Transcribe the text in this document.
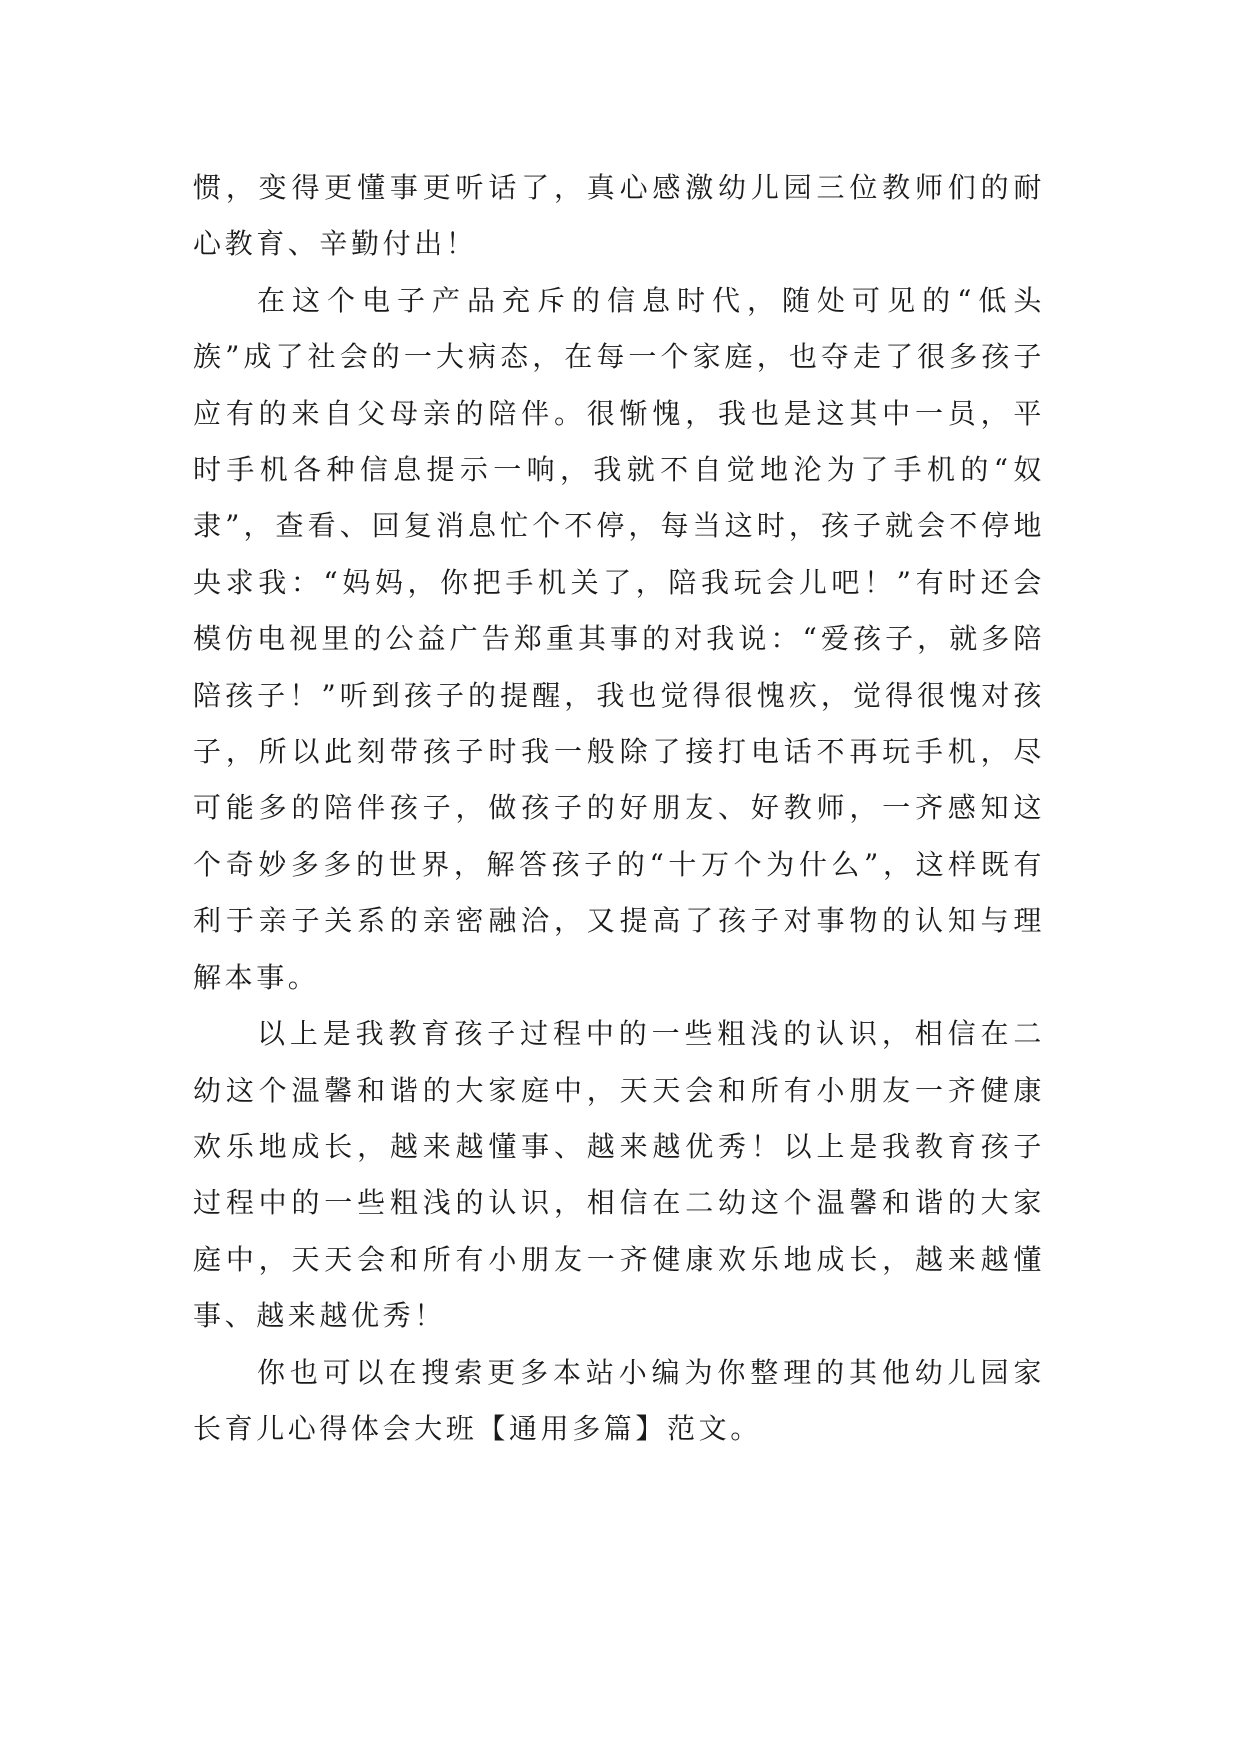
惯，变得更懂事更听话了，真心感激幼儿园三位教师们的耐心教育、辛勤付出！

在这个电子产品充斥的信息时代，随处可见的“低头族”成了社会的一大病态，在每一个家庭，也夺走了很多孩子应有的来自父母亲的陪伴。很惭愧，我也是这其中一员，平时手机各种信息提示一响，我就不自觉地沦为了手机的“奴隶”，查看、回复消息忙个不停，每当这时，孩子就会不停地央求我：“妈妈，你把手机关了，陪我玩会儿吧！”有时还会模仿电视里的公益广告郑重其事的对我说：“爱孩子，就多陪陪孩子！”听到孩子的提醒，我也觉得很愧疚，觉得很愧对孩子，所以此刻带孩子时我一般除了接打电话不再玩手机，尽可能多的陪伴孩子，做孩子的好朋友、好教师，一齐感知这个奇妙多多的世界，解答孩子的“十万个为什么”，这样既有利于亲子关系的亲密融洽，又提高了孩子对事物的认知与理解本事。

以上是我教育孩子过程中的一些粗浅的认识，相信在二幼这个温馨和谐的大家庭中，天天会和所有小朋友一齐健康欢乐地成长，越来越懂事、越来越优秀！以上是我教育孩子过程中的一些粗浅的认识，相信在二幼这个温馨和谐的大家庭中，天天会和所有小朋友一齐健康欢乐地成长，越来越懂事、越来越优秀！

你也可以在搜索更多本站小编为你整理的其他幼儿园家长育儿心得体会大班【通用多篇】范文。
